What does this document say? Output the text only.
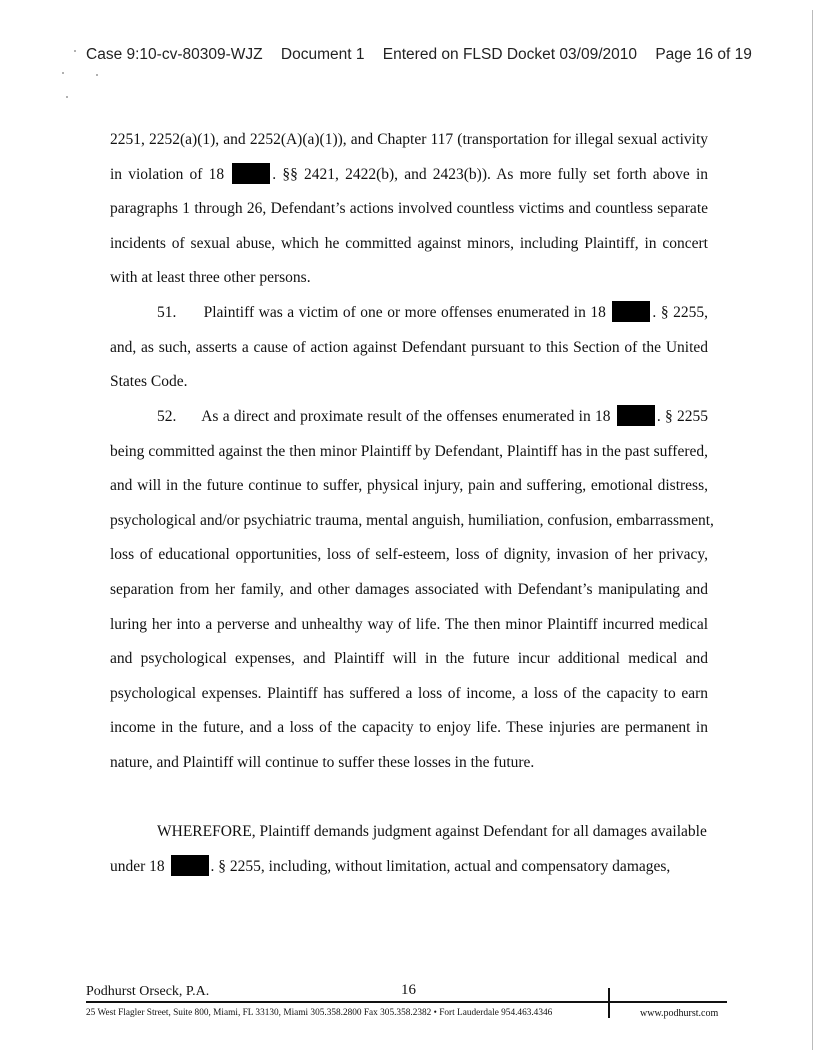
Case 9:10-cv-80309-WJZ Document 1 Entered on FLSD Docket 03/09/2010 Page 16 of 19
2251, 2252(a)(1), and 2252(A)(a)(1)), and Chapter 117 (transportation for illegal sexual activity
in violation of 18	. §§ 2421, 2422(b), and 2423(b)). As more fully set forth above in
paragraphs 1 through 26, Defendant’s actions involved countless victims and countless separate
incidents of sexual abuse, which he committed against minors, including Plaintiff, in concert
with at least three other persons.
51.      Plaintiff was a victim of one or more offenses enumerated in 18	. § 2255,
and, as such, asserts a cause of action against Defendant pursuant to this Section of the United
States Code.
52.      As a direct and proximate result of the offenses enumerated in 18	. § 2255
being committed against the then minor Plaintiff by Defendant, Plaintiff has in the past suffered,
and will in the future continue to suffer, physical injury, pain and suffering, emotional distress,
psychological and/or psychiatric trauma, mental anguish, humiliation, confusion, embarrassment,
loss of educational opportunities, loss of self-esteem, loss of dignity, invasion of her privacy,
separation from her family, and other damages associated with Defendant’s manipulating and
luring her into a perverse and unhealthy way of life. The then minor Plaintiff incurred medical
and psychological expenses, and Plaintiff will in the future incur additional medical and
psychological expenses. Plaintiff has suffered a loss of income, a loss of the capacity to earn
income in the future, and a loss of the capacity to enjoy life. These injuries are permanent in
nature, and Plaintiff will continue to suffer these losses in the future.
WHEREFORE, Plaintiff demands judgment against Defendant for all damages available
under 18	. § 2255, including, without limitation, actual and compensatory damages,
Podhurst Orseck, P.A.	16
25 West Flagler Street, Suite 800, Miami, FL 33130, Miami 305.358.2800 Fax 305.358.2382 • Fort Lauderdale 954.463.4346	www.podhurst.com
